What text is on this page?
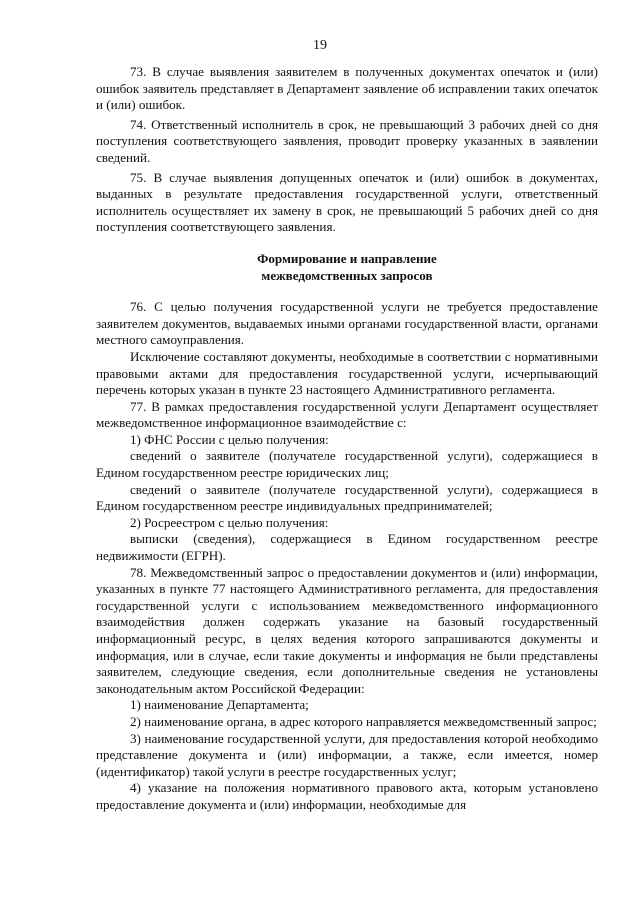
19

73. В случае выявления заявителем в полученных документах опечаток и (или) ошибок заявитель представляет в Департамент заявление об исправлении таких опечаток и (или) ошибок.

74. Ответственный исполнитель в срок, не превышающий 3 рабочих дней со дня поступления соответствующего заявления, проводит проверку указанных в заявлении сведений.

75. В случае выявления допущенных опечаток и (или) ошибок в документах, выданных в результате предоставления государственной услуги, ответственный исполнитель осуществляет их замену в срок, не превышающий 5 рабочих дней со дня поступления соответствующего заявления.

Формирование и направление
межведомственных запросов

76. С целью получения государственной услуги не требуется предоставление заявителем документов, выдаваемых иными органами государственной власти, органами местного самоуправления.

Исключение составляют документы, необходимые в соответствии с нормативными правовыми актами для предоставления государственной услуги, исчерпывающий перечень которых указан в пункте 23 настоящего Административного регламента.

77. В рамках предоставления государственной услуги Департамент осуществляет межведомственное информационное взаимодействие с:

1) ФНС России с целью получения:

сведений о заявителе (получателе государственной услуги), содержащиеся в Едином государственном реестре юридических лиц;

сведений о заявителе (получателе государственной услуги), содержащиеся в Едином государственном реестре индивидуальных предпринимателей;

2) Росреестром с целью получения:

выписки (сведения), содержащиеся в Едином государственном реестре недвижимости (ЕГРН).

78. Межведомственный запрос о предоставлении документов и (или) информации, указанных в пункте 77 настоящего Административного регламента, для предоставления государственной услуги с использованием межведомственного информационного взаимодействия должен содержать указание на базовый государственный информационный ресурс, в целях ведения которого запрашиваются документы и информация, или в случае, если такие документы и информация не были представлены заявителем, следующие сведения, если дополнительные сведения не установлены законодательным актом Российской Федерации:

1) наименование Департамента;

2) наименование органа, в адрес которого направляется межведомственный запрос;

3) наименование государственной услуги, для предоставления которой необходимо представление документа и (или) информации, а также, если имеется, номер (идентификатор) такой услуги в реестре государственных услуг;

4) указание на положения нормативного правового акта, которым установлено предоставление документа и (или) информации, необходимые для
